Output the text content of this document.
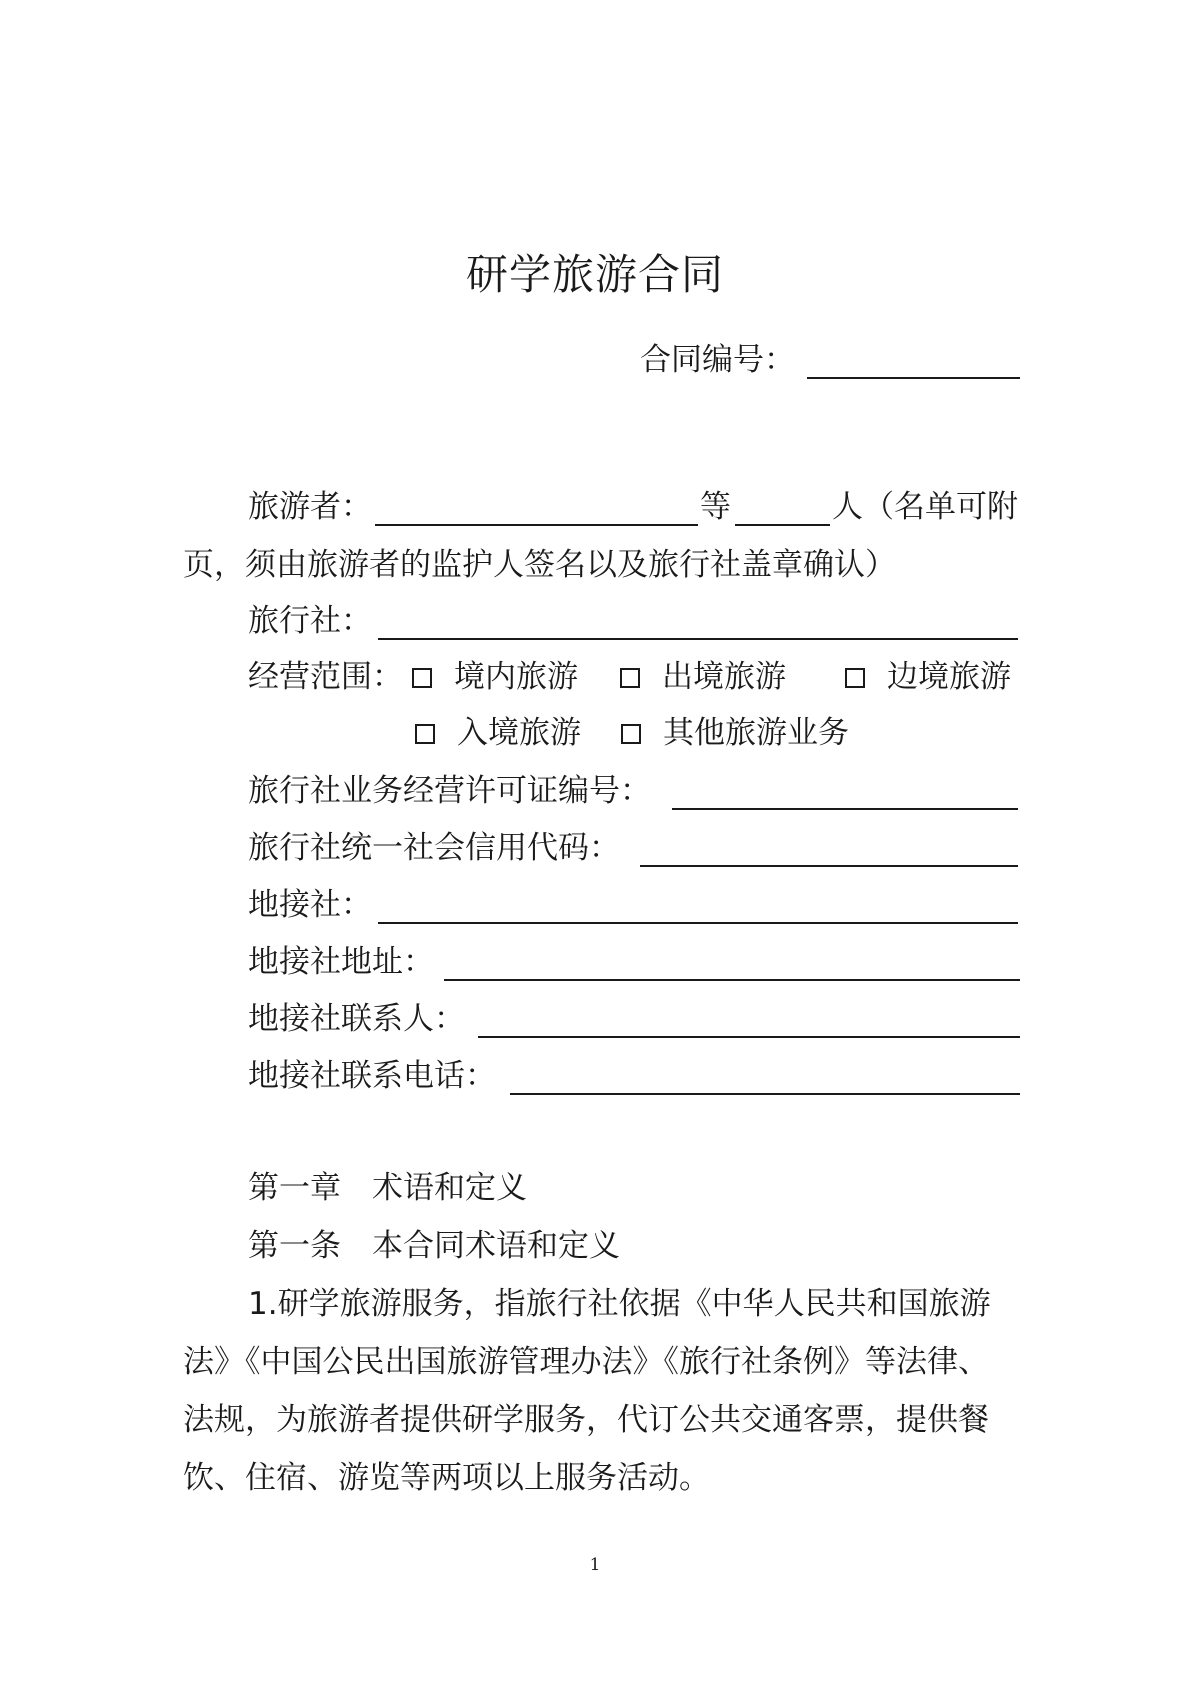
研学旅游合同
合同编号：
旅游者：	等	人（名单可附
页，须由旅游者的监护人签名以及旅行社盖章确认）
旅行社：
经营范围：	境内旅游	出境旅游	边境旅游
入境旅游	其他旅游业务
旅行社业务经营许可证编号：
旅行社统一社会信用代码：
地接社：
地接社地址：
地接社联系人：
地接社联系电话：
第一章　术语和定义
第一条　本合同术语和定义
1.研学旅游服务，指旅行社依据《中华人民共和国旅游
法》《中国公民出国旅游管理办法》《旅行社条例》等法律、
法规，为旅游者提供研学服务，代订公共交通客票，提供餐
饮、住宿、游览等两项以上服务活动。
1
